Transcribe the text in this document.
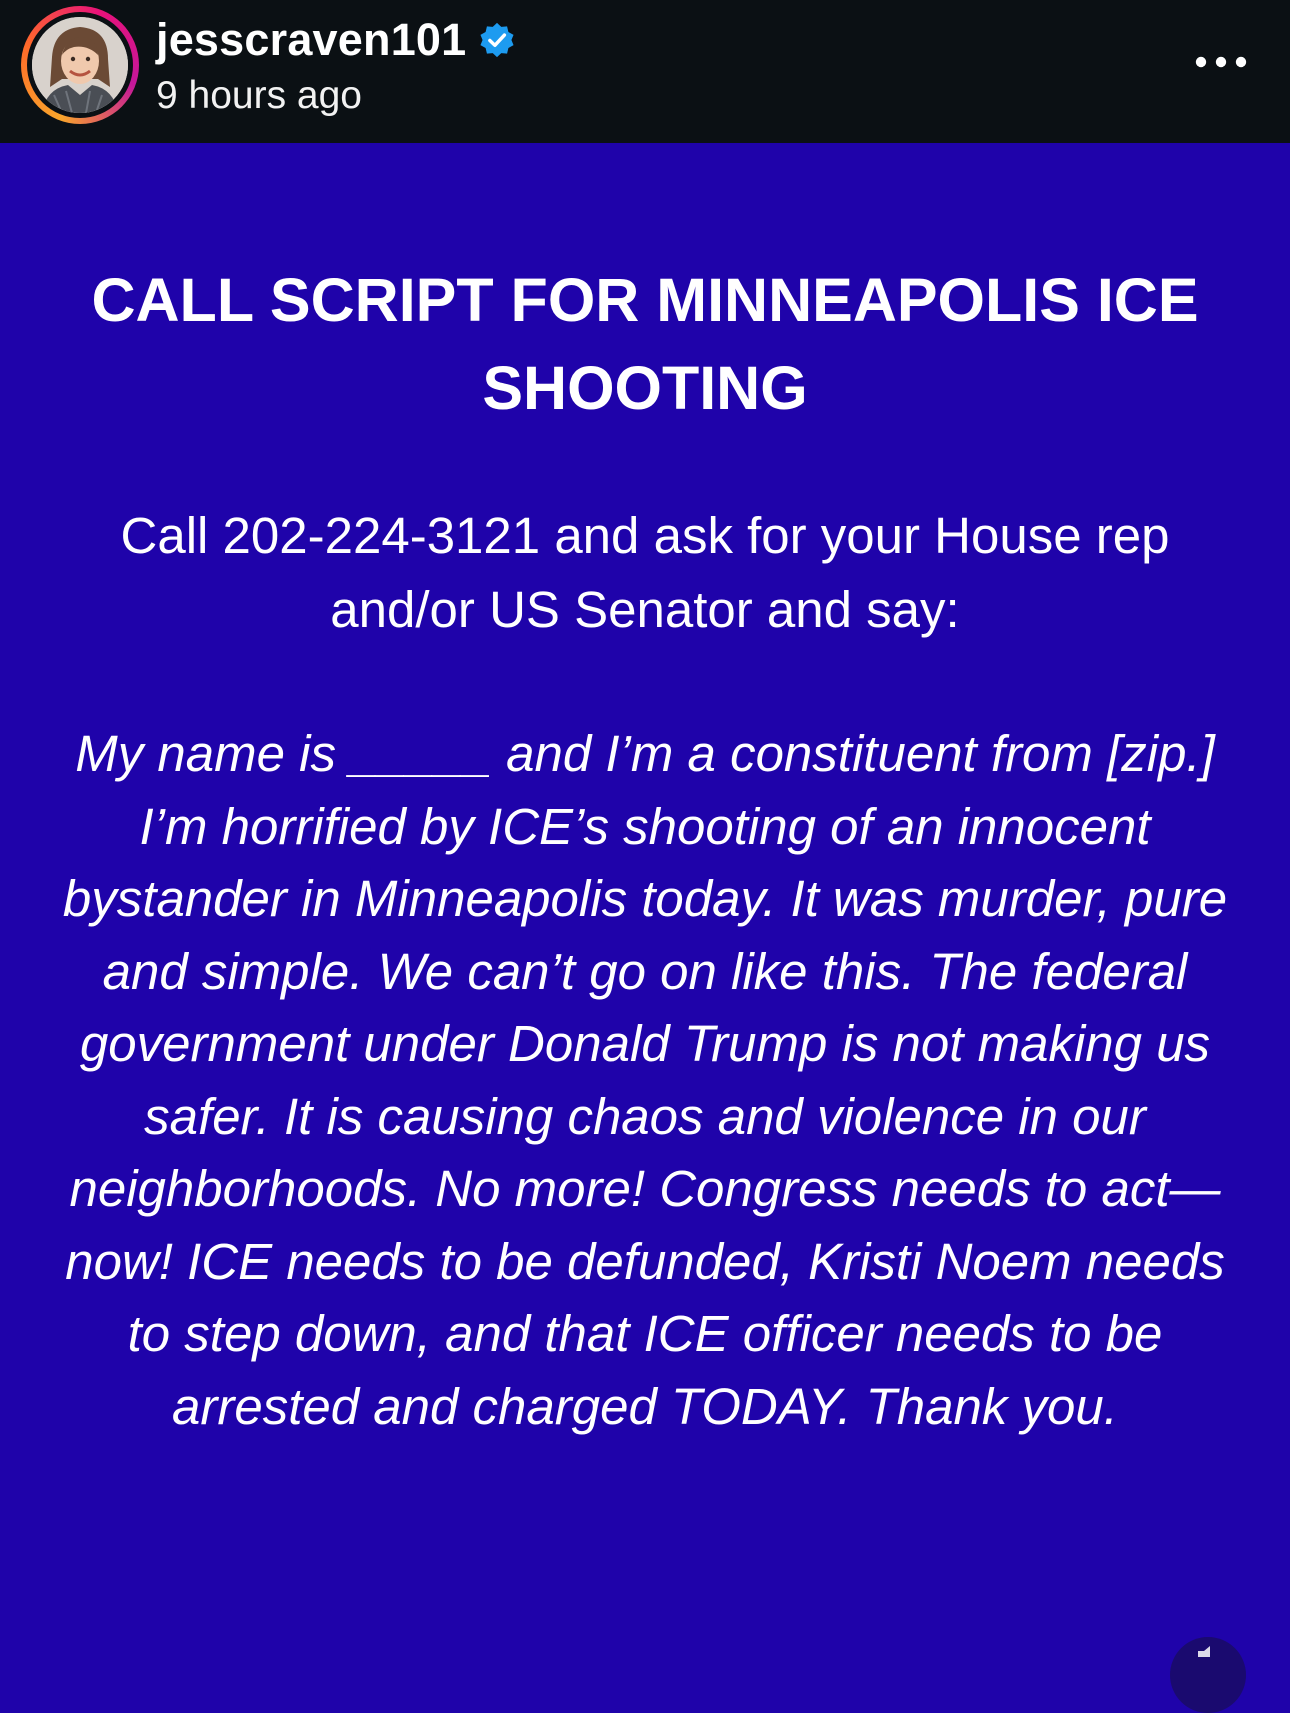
jesscraven101
9 hours ago
CALL SCRIPT FOR MINNEAPOLIS ICE SHOOTING
Call 202-224-3121 and ask for your House rep and/or US Senator and say:
My name is _____ and I’m a constituent from [zip.] I’m horrified by ICE’s shooting of an innocent bystander in Minneapolis today. It was murder, pure and simple. We can’t go on like this. The federal government under Donald Trump is not making us safer. It is causing chaos and violence in our neighborhoods. No more! Congress needs to act—now! ICE needs to be defunded, Kristi Noem needs to step down, and that ICE officer needs to be arrested and charged TODAY. Thank you.
